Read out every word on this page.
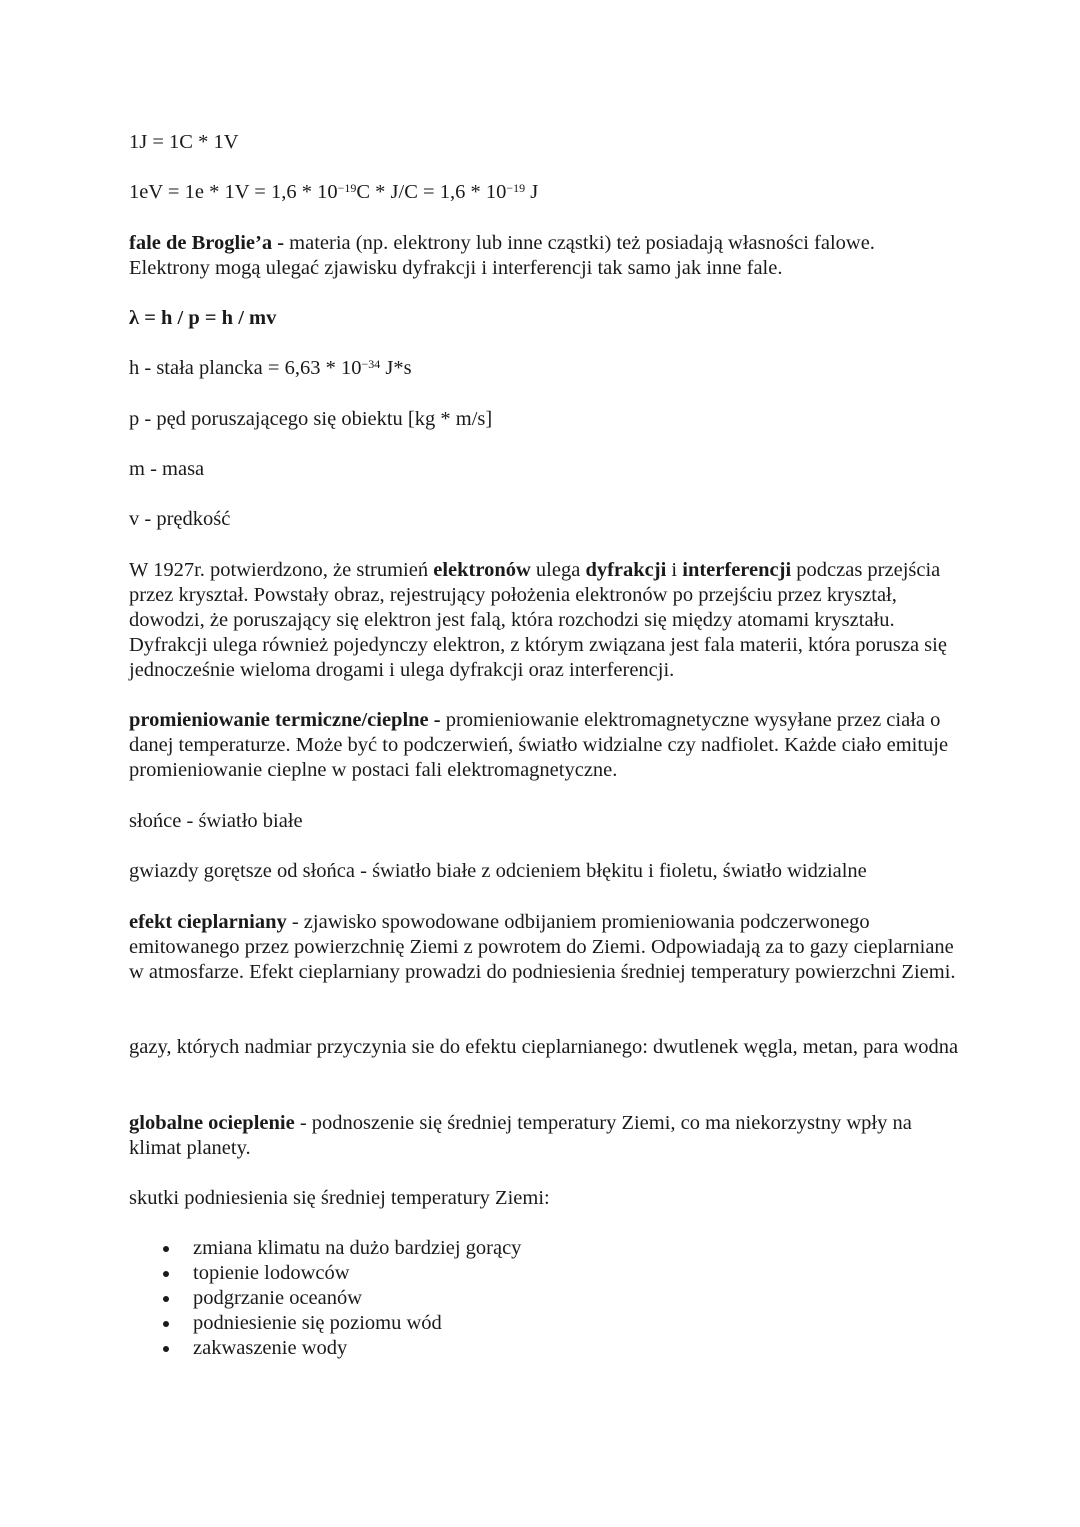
1J = 1C * 1V

$1eV = 1e * 1V = 1,6 * 10^{-19}C * J/C = 1,6 * 10^{-19}$ J

fale de Broglie’a - materia (np. elektrony lub inne cząstki) też posiadają własności falowe.
Elektrony mogą ulegać zjawisku dyfrakcji i interferencji tak samo jak inne fale.

λ = h / p = h / mv

h - stała plancka = $6,63 * 10^{-34}$ J*s

p - pęd poruszającego się obiektu [kg * m/s]

m - masa

v - prędkość

W 1927r. potwierdzono, że strumień elektronów ulega dyfrakcji i interferencji podczas przejścia przez kryształ. Powstały obraz, rejestrujący położenia elektronów po przejściu przez kryształ, dowodzi, że poruszający się elektron jest falą, która rozchodzi się między atomami kryształu. Dyfrakcji ulega również pojedynczy elektron, z którym związana jest fala materii, która porusza się jednocześnie wieloma drogami i ulega dyfrakcji oraz interferencji.

promieniowanie termiczne/cieplne - promieniowanie elektromagnetyczne wysyłane przez ciała o danej temperaturze. Może być to podczerwień, światło widzialne czy nadfiolet. Każde ciało emituje promieniowanie cieplne w postaci fali elektromagnetyczne.

słońce - światło białe

gwiazdy gorętsze od słońca - światło białe z odcieniem błękitu i fioletu, światło widzialne

efekt cieplarniany - zjawisko spowodowane odbijaniem promieniowania podczerwonego emitowanego przez powierzchnię Ziemi z powrotem do Ziemi. Odpowiadają za to gazy cieplarniane w atmosfarze. Efekt cieplarniany prowadzi do podniesienia średniej temperatury powierzchni Ziemi.

gazy, których nadmiar przyczynia sie do efektu cieplarnianego: dwutlenek węgla, metan, para wodna

globalne ocieplenie - podnoszenie się średniej temperatury Ziemi, co ma niekorzystny wpły na klimat planety.

skutki podniesienia się średniej temperatury Ziemi:

zmiana klimatu na dużo bardziej gorący
topienie lodowców
podgrzanie oceanów
podniesienie się poziomu wód
zakwaszenie wody
